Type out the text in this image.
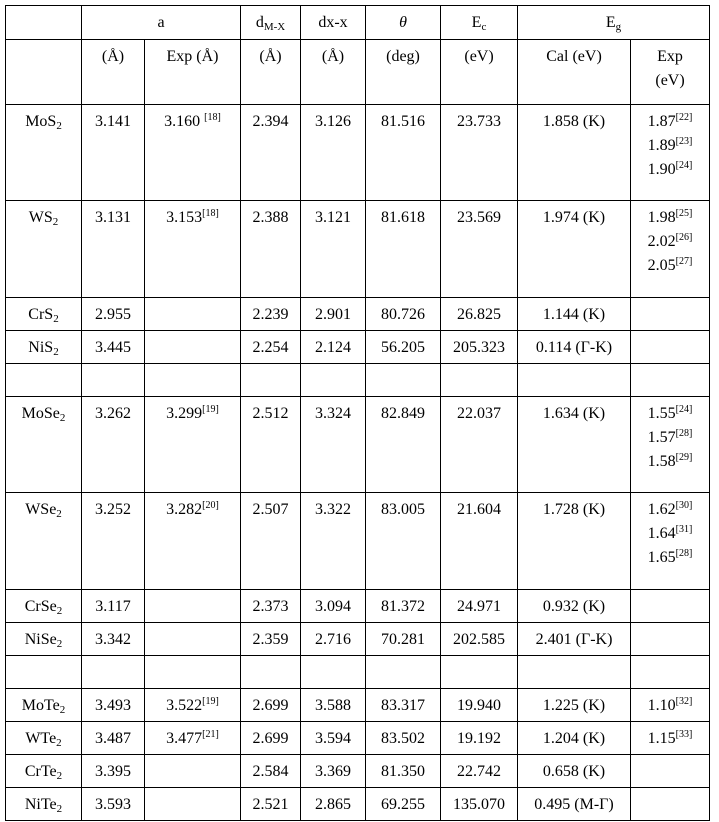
	a		$d_{M-X}$	dx-x	θ	$E_c$	$E_g$

	(Å)	Exp (Å)	(Å)	(Å)	(deg)	(eV)	Cal (eV)	Exp
(eV)

MoS$_2$	3.141	3.160 [18]	2.394	3.126	81.516	23.733	1.858 (K)	1.87[22]
1.89[23]
1.90[24]

$WS_2$	3.131	3.153[18]	2.388	3.121	81.618	23.569	1.974 (K)	1.98[25]
2.02[26]
2.05[27]

CrS$_2$	2.955		2.239	2.901	80.726	26.825	1.144 (K)	

NiS$_2$	3.445		2.254	2.124	56.205	205.323	0.114 (Γ-K)	

MoSe$_2$	3.262	3.299[19]	2.512	3.324	82.849	22.037	1.634 (K)	1.55[24]
1.57[28]
1.58[29]

WSe$_2$	3.252	3.282[20]	2.507	3.322	83.005	21.604	1.728 (K)	1.62[30]
1.64[31]
1.65[28]

CrSe$_2$	3.117		2.373	3.094	81.372	24.971	0.932 (K)	

NiSe$_2$	3.342		2.359	2.716	70.281	202.585	2.401 (Γ-K)	

MoTe$_2$	3.493	3.522[19]	2.699	3.588	83.317	19.940	1.225 (K)	1.10[32]

WTe$_2$	3.487	3.477[21]	2.699	3.594	83.502	19.192	1.204 (K)	1.15[33]

CrTe$_2$	3.395		2.584	3.369	81.350	22.742	0.658 (K)	

NiTe$_2$	3.593		2.521	2.865	69.255	135.070	0.495 (M-Γ)	
